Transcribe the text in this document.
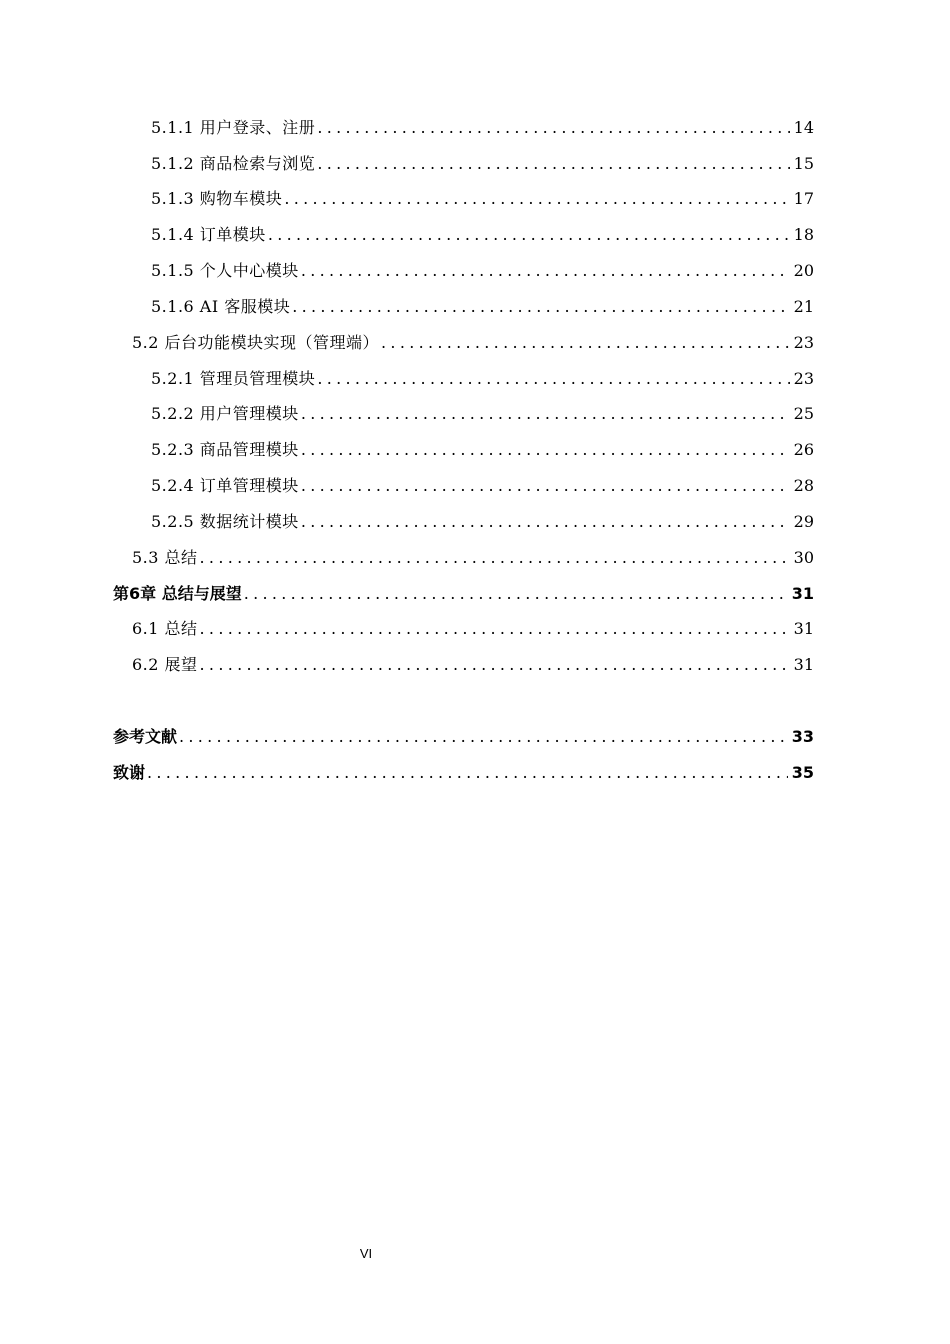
5.1.1 用户登录、注册 .....	14
5.1.2 商品检索与浏览 .....	15
5.1.3 购物车模块 .....	17
5.1.4 订单模块 .....	18
5.1.5 个人中心模块 .....	20
5.1.6 AI 客服模块 .....	21
5.2 后台功能模块实现（管理端） .....	23
5.2.1 管理员管理模块 .....	23
5.2.2 用户管理模块 .....	25
5.2.3 商品管理模块 .....	26
5.2.4 订单管理模块 .....	28
5.2.5 数据统计模块 .....	29
5.3 总结 .....	30
第6章 总结与展望 .....	31
6.1 总结 .....	31
6.2 展望 .....	31
参考文献 .....	33
致谢 .....	35
VI
